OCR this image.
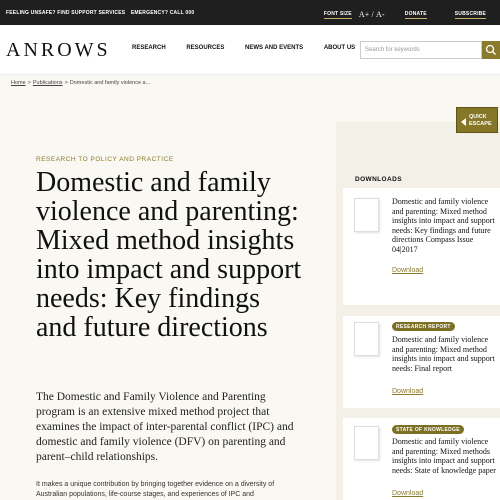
FEELING UNSAFE? FIND SUPPORT SERVICES EMERGENCY? CALL 000	FONT SIZE A+ / A-	DONATE	SUBSCRIBE
ANROWS	RESEARCH	RESOURCES	NEWS AND EVENTS	ABOUT US	Search for keywords
Home > Publications > Domestic and family violence a...
QUICK
ESCAPE
RESEARCH TO POLICY AND PRACTICE
Domestic and family violence and parenting: Mixed method insights into impact and support needs: Key findings and future directions

The Domestic and Family Violence and Parenting program is an extensive mixed method project that examines the impact of inter-parental conflict (IPC) and domestic and family violence (DFV) on parenting and parent–child relationships.

It makes a unique contribution by bringing together evidence on a diversity of Australian populations, life-course stages, and experiences of IPC and

DOWNLOADS
Domestic and family violence and parenting: Mixed method insights into impact and support needs: Key findings and future directions Compass Issue 04|2017
Download
RESEARCH REPORT
Domestic and family violence and parenting: Mixed method insights into impact and support needs: Final report
Download
STATE OF KNOWLEDGE
Domestic and family violence and parenting: Mixed methods insights into impact and support needs: State of knowledge paper
Download
